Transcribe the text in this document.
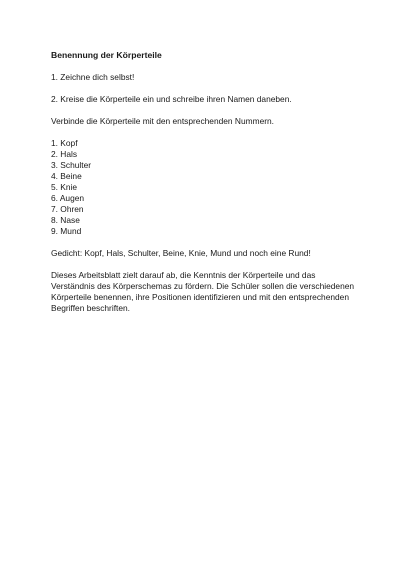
Benennung der Körperteile

1. Zeichne dich selbst!

2. Kreise die Körperteile ein und schreibe ihren Namen daneben.

Verbinde die Körperteile mit den entsprechenden Nummern.

1. Kopf
2. Hals
3. Schulter
4. Beine
5. Knie
6. Augen
7. Ohren
8. Nase
9. Mund

Gedicht: Kopf, Hals, Schulter, Beine, Knie, Mund und noch eine Rund!

Dieses Arbeitsblatt zielt darauf ab, die Kenntnis der Körperteile und das Verständnis des Körperschemas zu fördern. Die Schüler sollen die verschiedenen Körperteile benennen, ihre Positionen identifizieren und mit den entsprechenden Begriffen beschriften.
